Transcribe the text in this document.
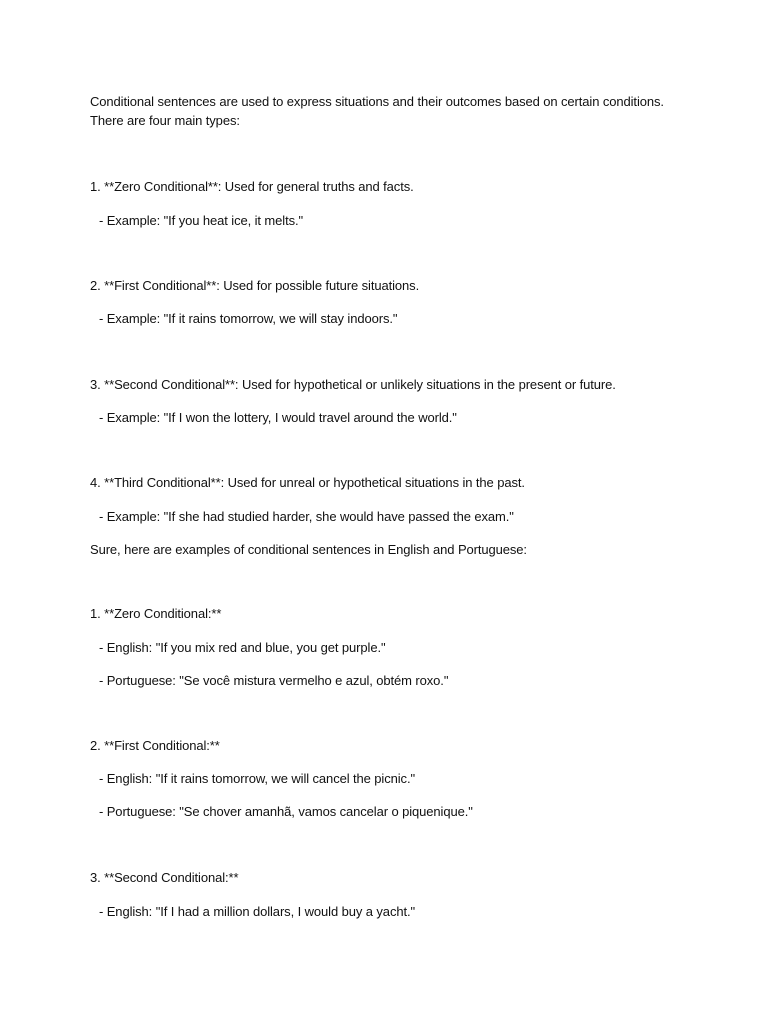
Conditional sentences are used to express situations and their outcomes based on certain conditions.
There are four main types:
1. **Zero Conditional**: Used for general truths and facts.
- Example: "If you heat ice, it melts."
2. **First Conditional**: Used for possible future situations.
- Example: "If it rains tomorrow, we will stay indoors."
3. **Second Conditional**: Used for hypothetical or unlikely situations in the present or future.
- Example: "If I won the lottery, I would travel around the world."
4. **Third Conditional**: Used for unreal or hypothetical situations in the past.
- Example: "If she had studied harder, she would have passed the exam."
Sure, here are examples of conditional sentences in English and Portuguese:
1. **Zero Conditional:**
- English: "If you mix red and blue, you get purple."
- Portuguese: "Se você mistura vermelho e azul, obtém roxo."
2. **First Conditional:**
- English: "If it rains tomorrow, we will cancel the picnic."
- Portuguese: "Se chover amanhã, vamos cancelar o piquenique."
3. **Second Conditional:**
- English: "If I had a million dollars, I would buy a yacht."
